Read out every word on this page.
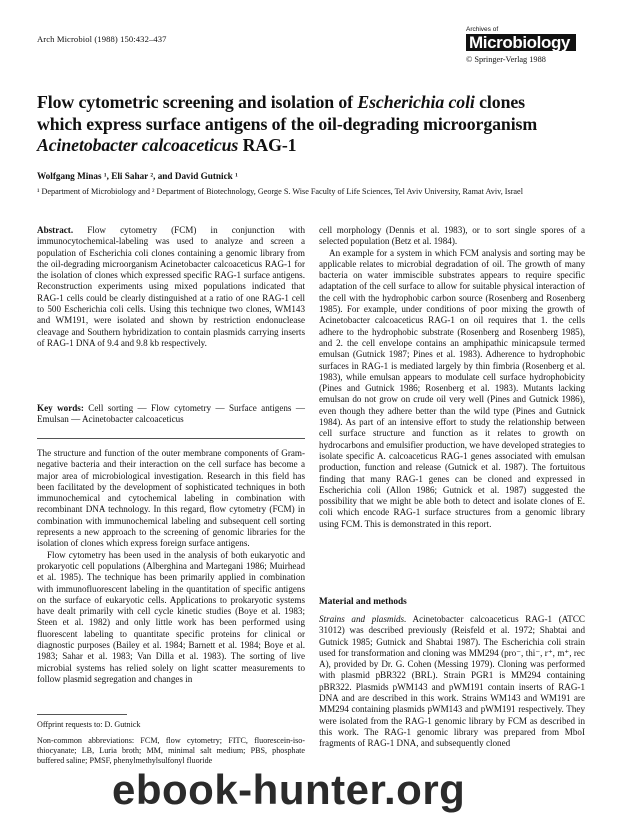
Arch Microbiol (1988) 150:432–437
Archives of
Microbiology
© Springer-Verlag 1988
Flow cytometric screening and isolation of Escherichia coli clones
which express surface antigens of the oil-degrading microorganism
Acinetobacter calcoaceticus RAG-1
Wolfgang Minas ¹, Eli Sahar ², and David Gutnick ¹
¹ Department of Microbiology and ² Department of Biotechnology, George S. Wise Faculty of Life Sciences, Tel Aviv University, Ramat Aviv, Israel

Abstract. Flow cytometry (FCM) in conjunction with immunocytochemical-labeling was used to analyze and screen a population of Escherichia coli clones containing a genomic library from the oil-degrading microorganism Acinetobacter calcoaceticus RAG-1 for the isolation of clones which expressed specific RAG-1 surface antigens. Reconstruction experiments using mixed populations indicated that RAG-1 cells could be clearly distinguished at a ratio of one RAG-1 cell to 500 Escherichia coli cells. Using this technique two clones, WM143 and WM191, were isolated and shown by restriction endonuclease cleavage and Southern hybridization to contain plasmids carrying inserts of RAG-1 DNA of 9.4 and 9.8 kb respectively.

Key words: Cell sorting — Flow cytometry — Surface antigens — Emulsan — Acinetobacter calcoaceticus

The structure and function of the outer membrane components of Gram-negative bacteria and their interaction on the cell surface has become a major area of microbiological investigation. Research in this field has been facilitated by the development of sophisticated techniques in both immunochemical and cytochemical labeling in combination with recombinant DNA technology. In this regard, flow cytometry (FCM) in combination with immunochemical labeling and subsequent cell sorting represents a new approach to the screening of genomic libraries for the isolation of clones which express foreign surface antigens.

Flow cytometry has been used in the analysis of both eukaryotic and prokaryotic cell populations (Alberghina and Martegani 1986; Muirhead et al. 1985). The technique has been primarily applied in combination with immunofluorescent labeling in the quantitation of specific antigens on the surface of eukaryotic cells. Applications to prokaryotic systems have dealt primarily with cell cycle kinetic studies (Boye et al. 1983; Steen et al. 1982) and only little work has been performed using fluorescent labeling to quantitate specific proteins for clinical or diagnostic purposes (Bailey et al. 1984; Barnett et al. 1984; Boye et al. 1983; Sahar et al. 1983; Van Dilla et al. 1983). The sorting of live microbial systems has relied solely on light scatter measurements to follow plasmid segregation and changes in

Offprint requests to: D. Gutnick
Non-common abbreviations: FCM, flow cytometry; FITC, fluorescein-iso-thiocyanate; LB, Luria broth; MM, minimal salt medium; PBS, phosphate buffered saline; PMSF, phenylmethylsulfonyl fluoride

cell morphology (Dennis et al. 1983), or to sort single spores of a selected population (Betz et al. 1984).

An example for a system in which FCM analysis and sorting may be applicable relates to microbial degradation of oil. The growth of many bacteria on water immiscible substrates appears to require specific adaptation of the cell surface to allow for suitable physical interaction of the cell with the hydrophobic carbon source (Rosenberg and Rosenberg 1985). For example, under conditions of poor mixing the growth of Acinetobacter calcoaceticus RAG-1 on oil requires that 1. the cells adhere to the hydrophobic substrate (Rosenberg and Rosenberg 1985), and 2. the cell envelope contains an amphipathic minicapsule termed emulsan (Gutnick 1987; Pines et al. 1983). Adherence to hydrophobic surfaces in RAG-1 is mediated largely by thin fimbria (Rosenberg et al. 1983), while emulsan appears to modulate cell surface hydrophobicity (Pines and Gutnick 1986; Rosenberg et al. 1983). Mutants lacking emulsan do not grow on crude oil very well (Pines and Gutnick 1986), even though they adhere better than the wild type (Pines and Gutnick 1984). As part of an intensive effort to study the relationship between cell surface structure and function as it relates to growth on hydrocarbons and emulsifier production, we have developed strategies to isolate specific A. calcoaceticus RAG-1 genes associated with emulsan production, function and release (Gutnick et al. 1987). The fortuitous finding that many RAG-1 genes can be cloned and expressed in Escherichia coli (Allon 1986; Gutnick et al. 1987) suggested the possibility that we might be able both to detect and isolate clones of E. coli which encode RAG-1 surface structures from a genomic library using FCM. This is demonstrated in this report.

Material and methods

Strains and plasmids. Acinetobacter calcoaceticus RAG-1 (ATCC 31012) was described previously (Reisfeld et al. 1972; Shabtai and Gutnick 1985; Gutnick and Shabtai 1987). The Escherichia coli strain used for transformation and cloning was MM294 (pro⁻, thi⁻, r⁺, m⁺, rec A), provided by Dr. G. Cohen (Messing 1979). Cloning was performed with plasmid pBR322 (BRL). Strain PGR1 is MM294 containing pBR322. Plasmids pWM143 and pWM191 contain inserts of RAG-1 DNA and are described in this work. Strains WM143 and WM191 are MM294 containing plasmids pWM143 and pWM191 respectively. They were isolated from the RAG-1 genomic library by FCM as described in this work. The RAG-1 genomic library was prepared from MboI fragments of RAG-1 DNA, and subsequently cloned

ebook-hunter.org
